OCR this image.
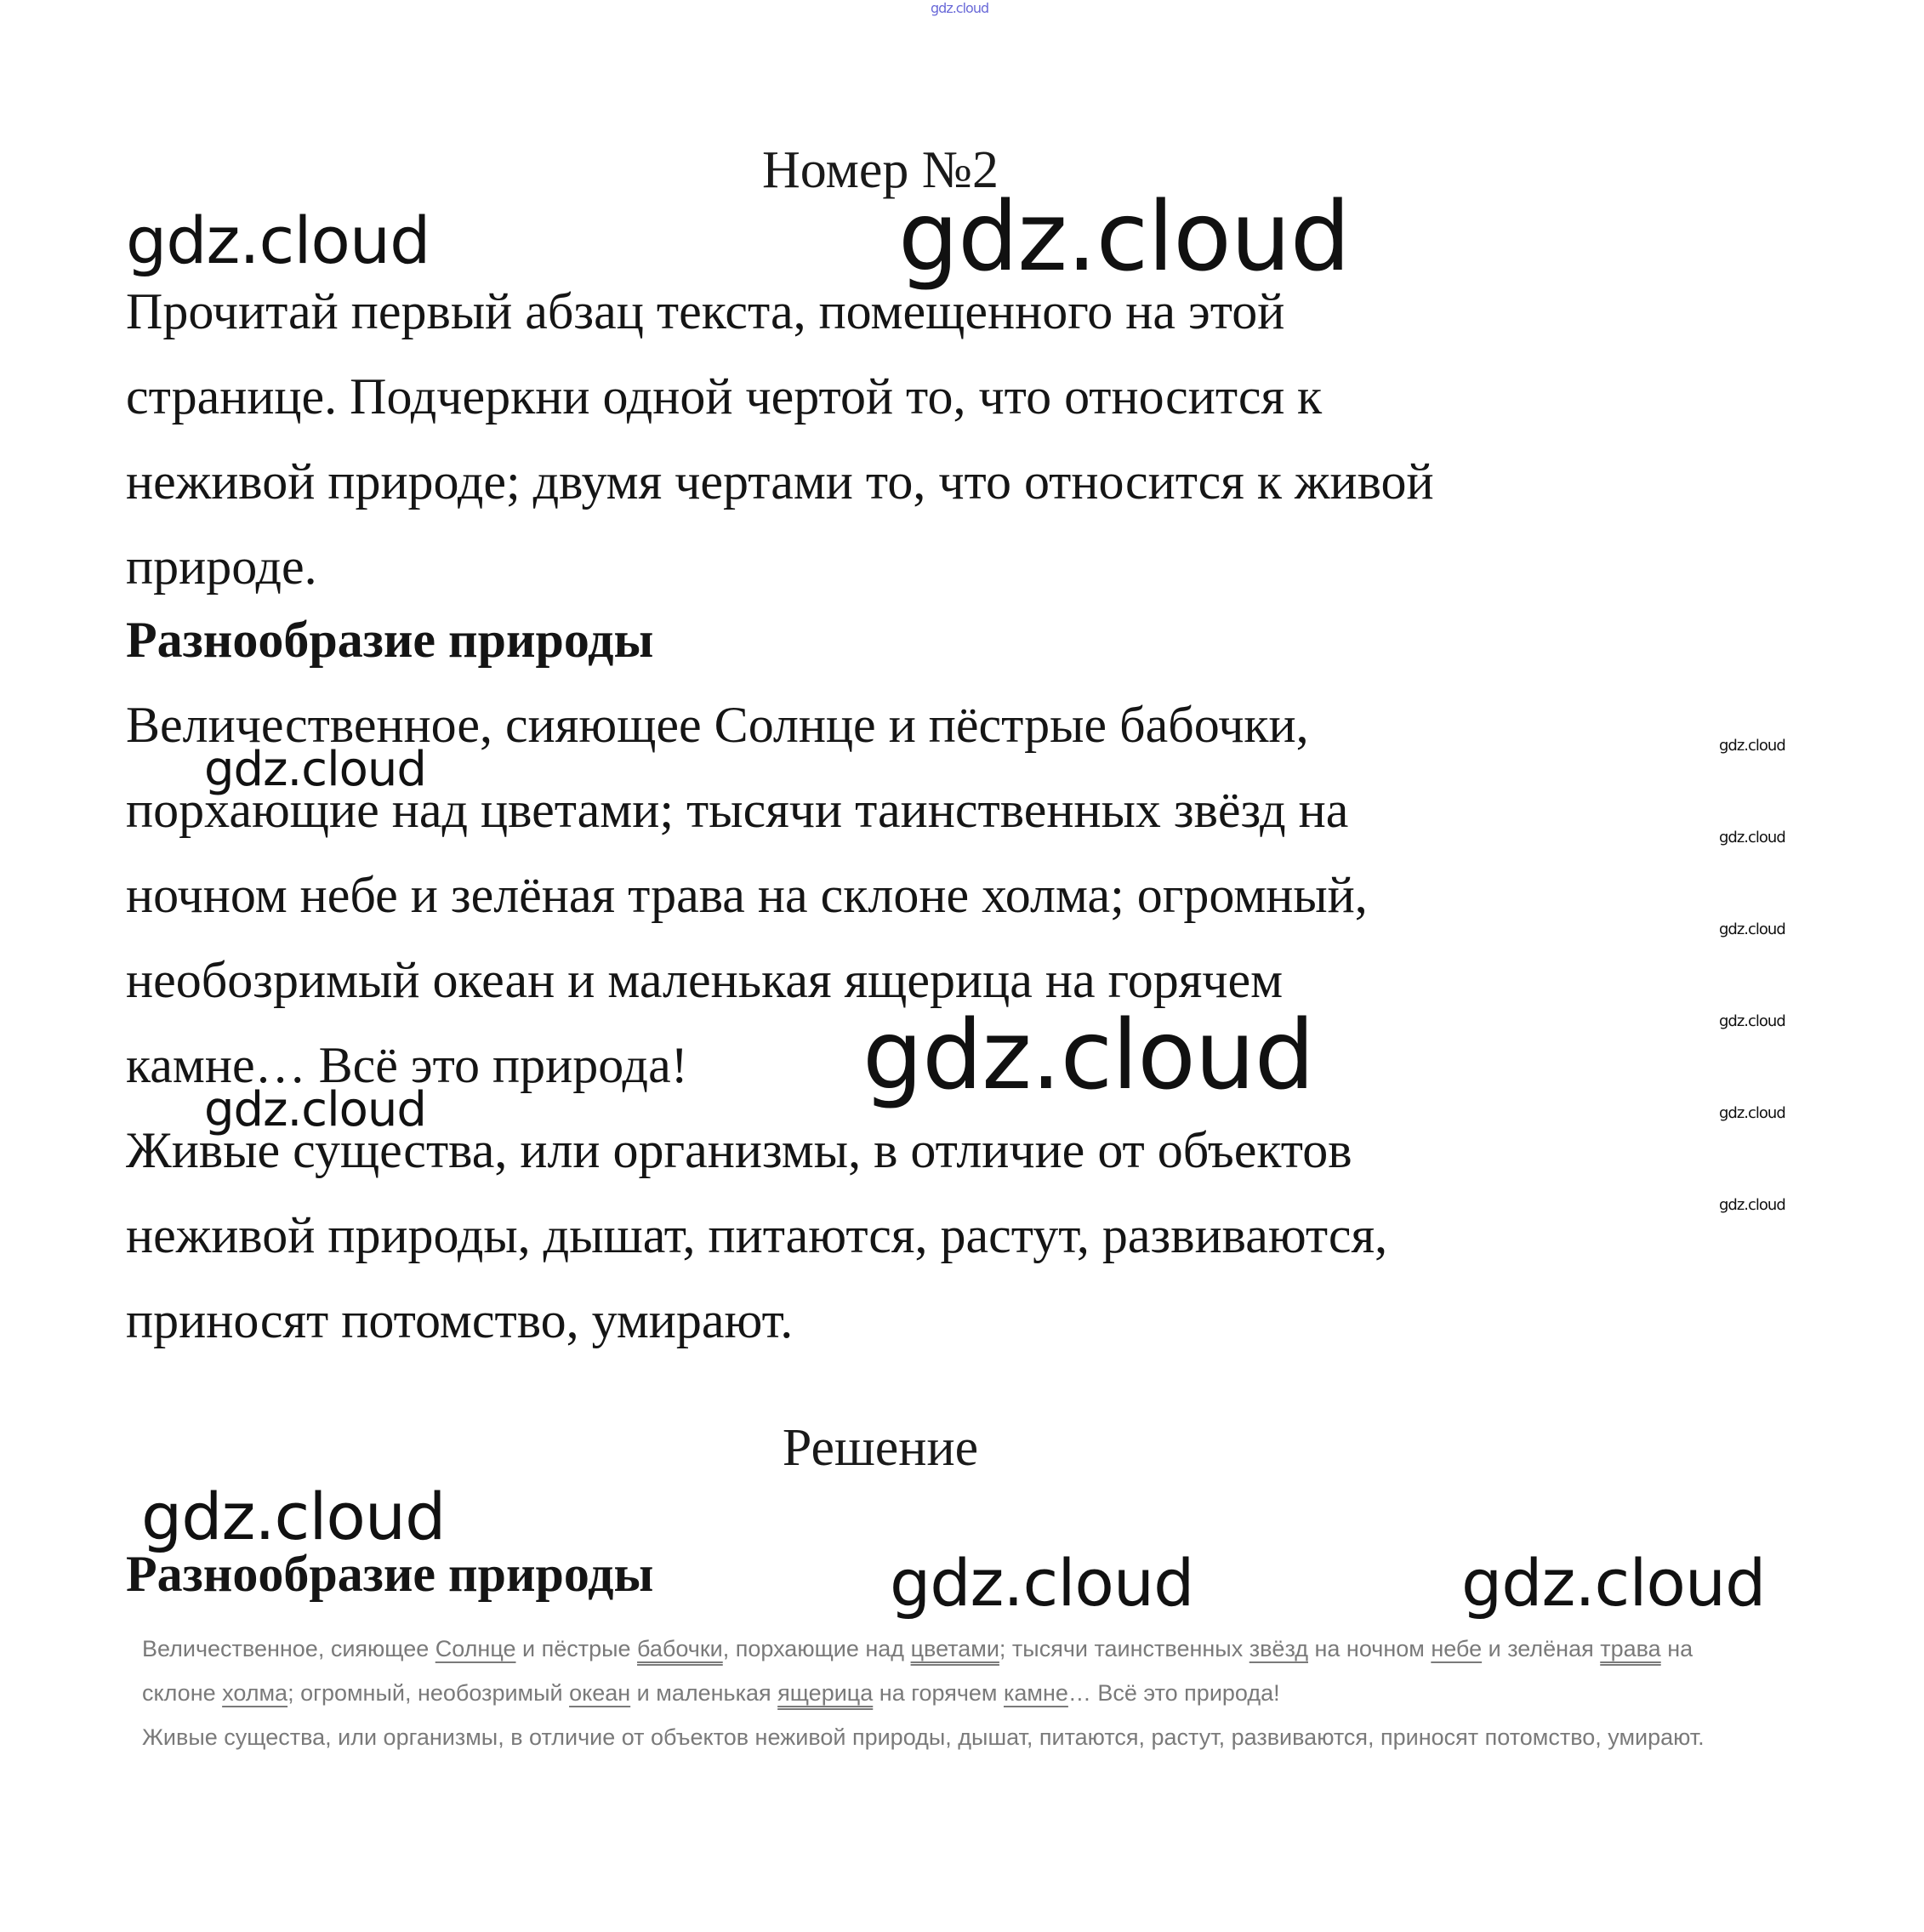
gdz.cloud
Номер №2
Прочитай первый абзац текста, помещенного на этой
странице. Подчеркни одной чертой то, что относится к
неживой природе; двумя чертами то, что относится к живой
природе.
Разнообразие природы
Величественное, сияющее Солнце и пёстрые бабочки,
порхающие над цветами; тысячи таинственных звёзд на
ночном небе и зелёная трава на склоне холма; огромный,
необозримый океан и маленькая ящерица на горячем
камне… Всё это природа!
Живые существа, или организмы, в отличие от объектов
неживой природы, дышат, питаются, растут, развиваются,
приносят потомство, умирают.
Решение
Разнообразие природы

Величественное, сияющее Солнце и пёстрые бабочки, порхающие над цветами; тысячи таинственных звёзд на ночном небе и зелёная трава на

склоне холма; огромный, необозримый океан и маленькая ящерица на горячем камне… Всё это природа!

Живые существа, или организмы, в отличие от объектов неживой природы, дышат, питаются, растут, развиваются, приносят потомство, умирают.

gdz.cloud	gdz.cloud
gdz.cloud
gdz.cloud
gdz.cloud
gdz.cloud
gdz.cloud	gdz.cloud
gdz.cloud
gdz.cloud
gdz.cloud
gdz.cloud
gdz.cloud
gdz.cloud
